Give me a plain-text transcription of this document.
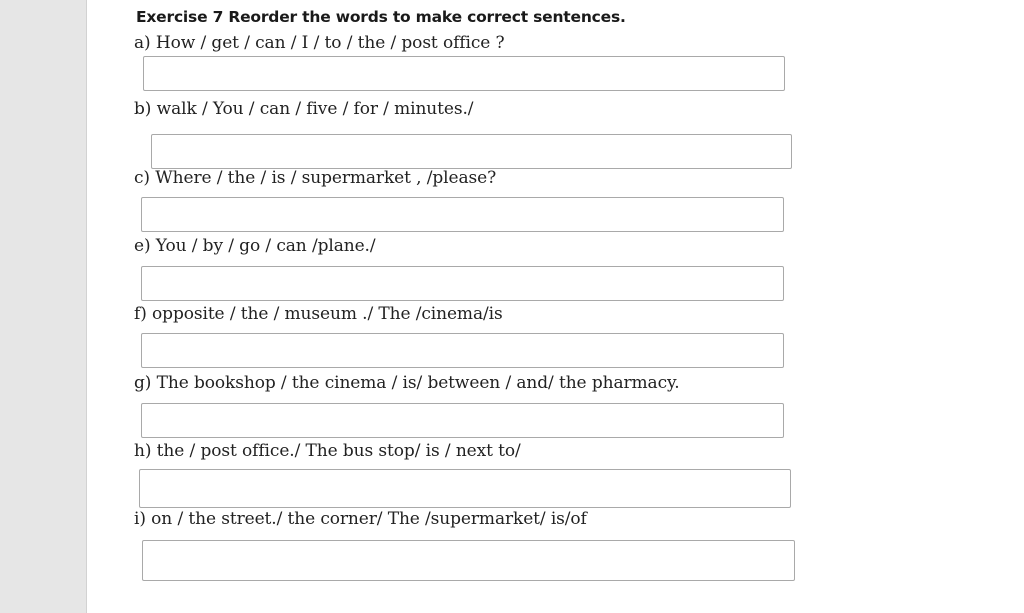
Exercise 7 Reorder the words to make correct sentences.
a) How / get / can / I / to / the / post office ?
b) walk / You / can / five / for / minutes./
c) Where / the / is / supermarket , /please?
e) You / by / go / can /plane./
f) opposite / the / museum ./ The /cinema/is
g) The bookshop / the cinema / is/ between / and/ the pharmacy.
h) the / post office./ The bus stop/ is / next to/
i) on / the street./ the corner/ The /supermarket/ is/of
